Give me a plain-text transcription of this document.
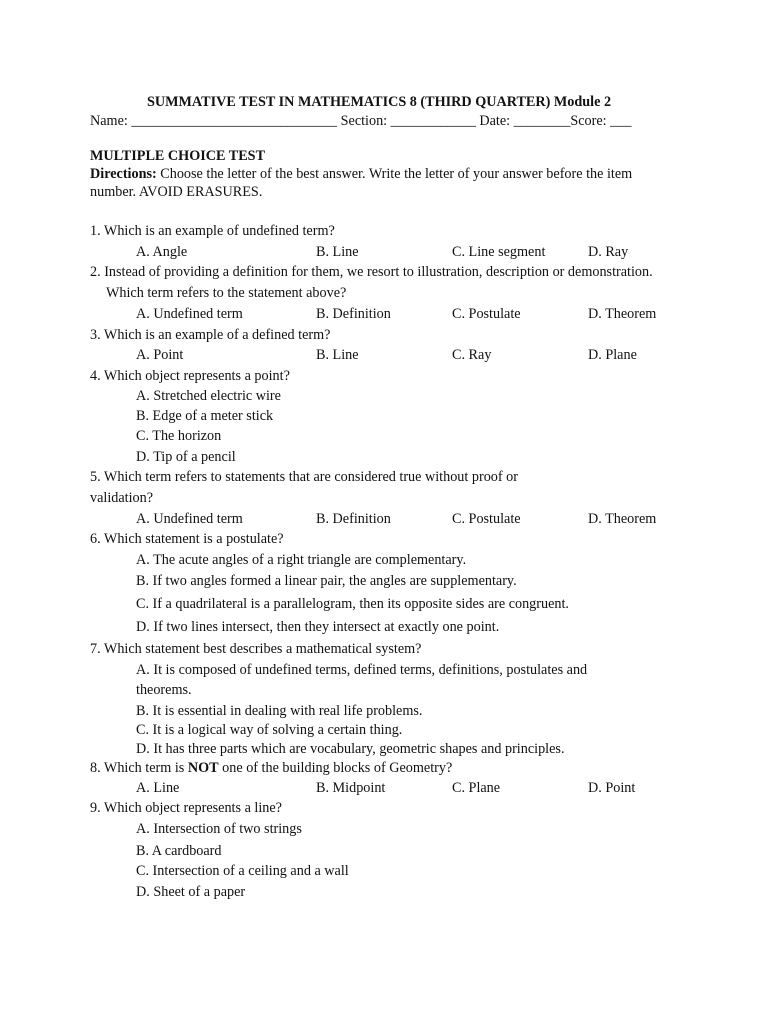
SUMMATIVE TEST IN MATHEMATICS 8 (THIRD QUARTER) Module 2
Name: _____________________________ Section: ____________ Date: ________Score: ___
MULTIPLE CHOICE TEST
Directions: Choose the letter of the best answer. Write the letter of your answer before the item
number. AVOID ERASURES.
1. Which is an example of undefined term?
A. Angle	B. Line	C. Line segment	D. Ray
2. Instead of providing a definition for them, we resort to illustration, description or demonstration.
Which term refers to the statement above?
A. Undefined term	B. Definition	C. Postulate	D. Theorem
3. Which is an example of a defined term?
A. Point	B. Line	C. Ray	D. Plane
4. Which object represents a point?
A. Stretched electric wire
B. Edge of a meter stick
C. The horizon
D. Tip of a pencil
5. Which term refers to statements that are considered true without proof or
validation?
A. Undefined term	B. Definition	C. Postulate	D. Theorem
6. Which statement is a postulate?
A. The acute angles of a right triangle are complementary.
B. If two angles formed a linear pair, the angles are supplementary.
C. If a quadrilateral is a parallelogram, then its opposite sides are congruent.
D. If two lines intersect, then they intersect at exactly one point.
7. Which statement best describes a mathematical system?
A. It is composed of undefined terms, defined terms, definitions, postulates and
theorems.
B. It is essential in dealing with real life problems.
C. It is a logical way of solving a certain thing.
D. It has three parts which are vocabulary, geometric shapes and principles.
8. Which term is NOT one of the building blocks of Geometry?
A. Line	B. Midpoint	C. Plane	D. Point
9. Which object represents a line?
A. Intersection of two strings
B. A cardboard
C. Intersection of a ceiling and a wall
D. Sheet of a paper
